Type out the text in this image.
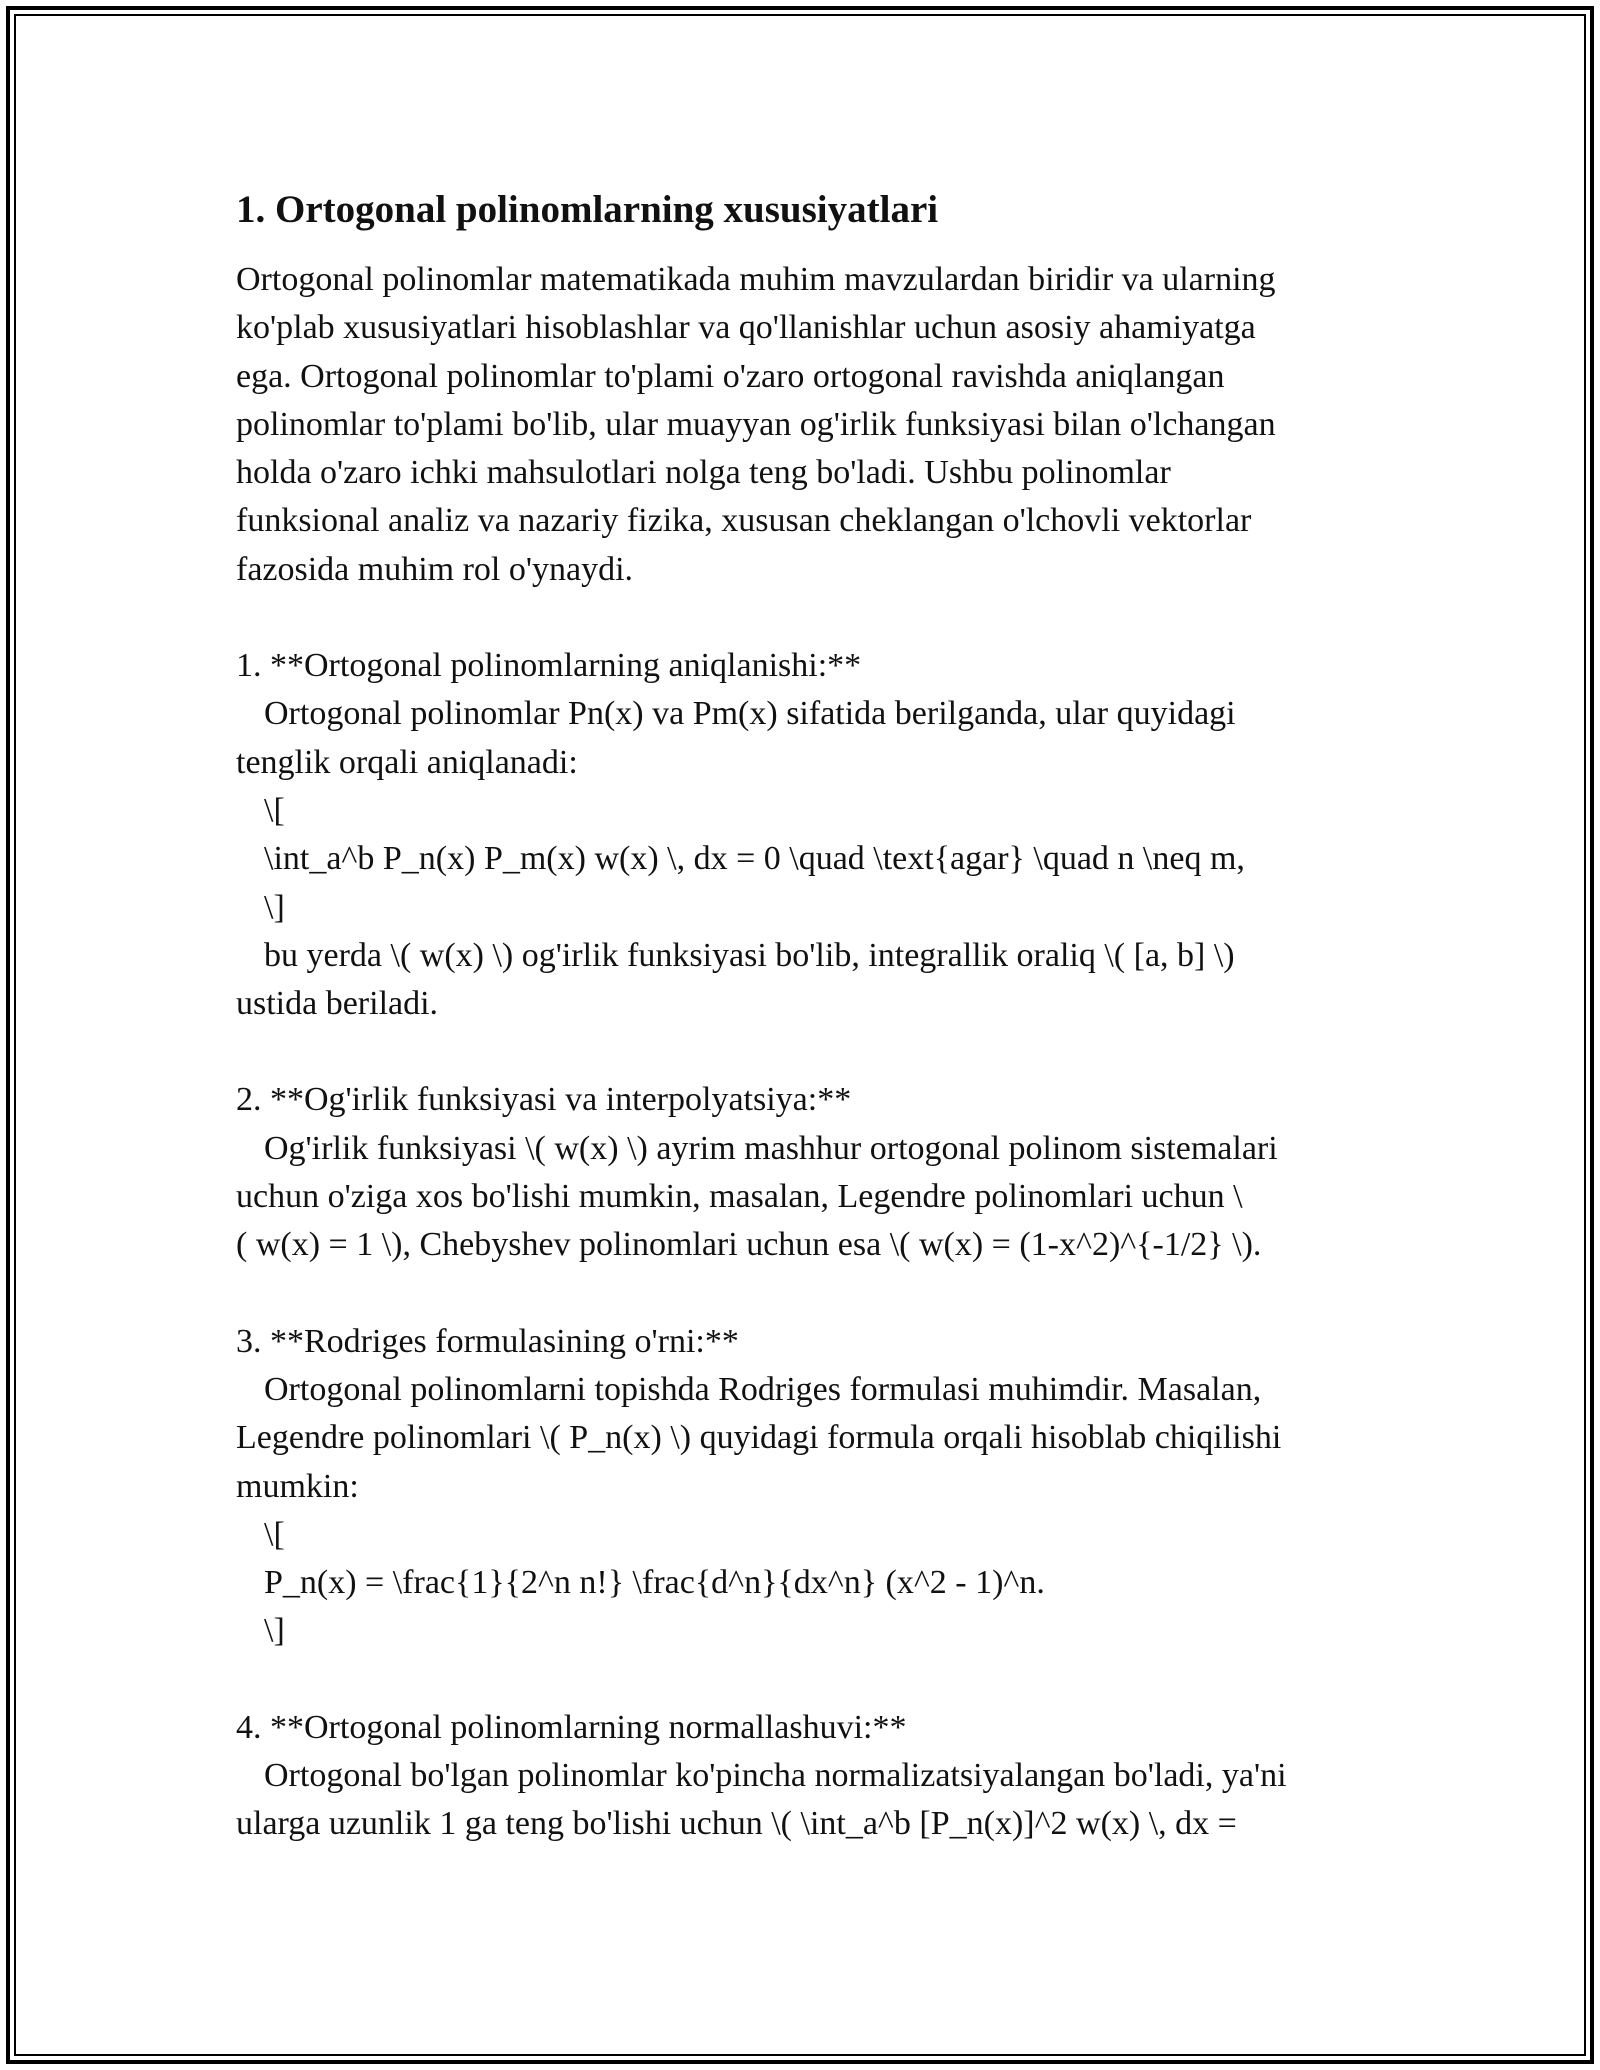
1. Ortogonal polinomlarning xususiyatlari
Ortogonal polinomlar matematikada muhim mavzulardan biridir va ularning
ko'plab xususiyatlari hisoblashlar va qo'llanishlar uchun asosiy ahamiyatga
ega. Ortogonal polinomlar to'plami o'zaro ortogonal ravishda aniqlangan
polinomlar to'plami bo'lib, ular muayyan og'irlik funksiyasi bilan o'lchangan
holda o'zaro ichki mahsulotlari nolga teng bo'ladi. Ushbu polinomlar
funksional analiz va nazariy fizika, xususan cheklangan o'lchovli vektorlar
fazosida muhim rol o'ynaydi.
1. **Ortogonal polinomlarning aniqlanishi:**
Ortogonal polinomlar Pn(x) va Pm(x) sifatida berilganda, ular quyidagi
tenglik orqali aniqlanadi:
\[
\int_a^b P_n(x) P_m(x) w(x) \, dx = 0 \quad \text{agar} \quad n \neq m,
\]
bu yerda \( w(x) \) og'irlik funksiyasi bo'lib, integrallik oraliq \( [a, b] \)
ustida beriladi.
2. **Og'irlik funksiyasi va interpolyatsiya:**
Og'irlik funksiyasi \( w(x) \) ayrim mashhur ortogonal polinom sistemalari
uchun o'ziga xos bo'lishi mumkin, masalan, Legendre polinomlari uchun \
( w(x) = 1 \), Chebyshev polinomlari uchun esa \( w(x) = (1-x^2)^{-1/2} \).
3. **Rodriges formulasining o'rni:**
Ortogonal polinomlarni topishda Rodriges formulasi muhimdir. Masalan,
Legendre polinomlari \( P_n(x) \) quyidagi formula orqali hisoblab chiqilishi
mumkin:
\[
P_n(x) = \frac{1}{2^n n!} \frac{d^n}{dx^n} (x^2 - 1)^n.
\]
4. **Ortogonal polinomlarning normallashuvi:**
Ortogonal bo'lgan polinomlar ko'pincha normalizatsiyalangan bo'ladi, ya'ni
ularga uzunlik 1 ga teng bo'lishi uchun \( \int_a^b [P_n(x)]^2 w(x) \, dx =
